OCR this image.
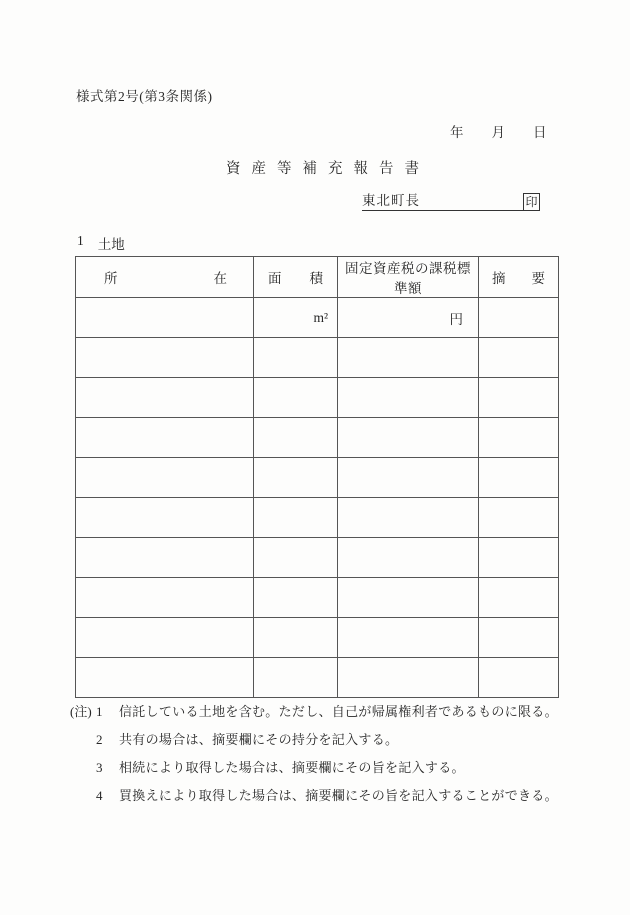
様式第2号(第3条関係)
年 月 日
資産等補充報告書
東北町長	印
1 土地
所 在	面 積	固定資産税の課税標準額	摘 要
	m²	円	

(注) 1	信託している土地を含む。ただし、自己が帰属権利者であるものに限る。
2	共有の場合は、摘要欄にその持分を記入する。
3	相続により取得した場合は、摘要欄にその旨を記入する。
4	買換えにより取得した場合は、摘要欄にその旨を記入することができる。
